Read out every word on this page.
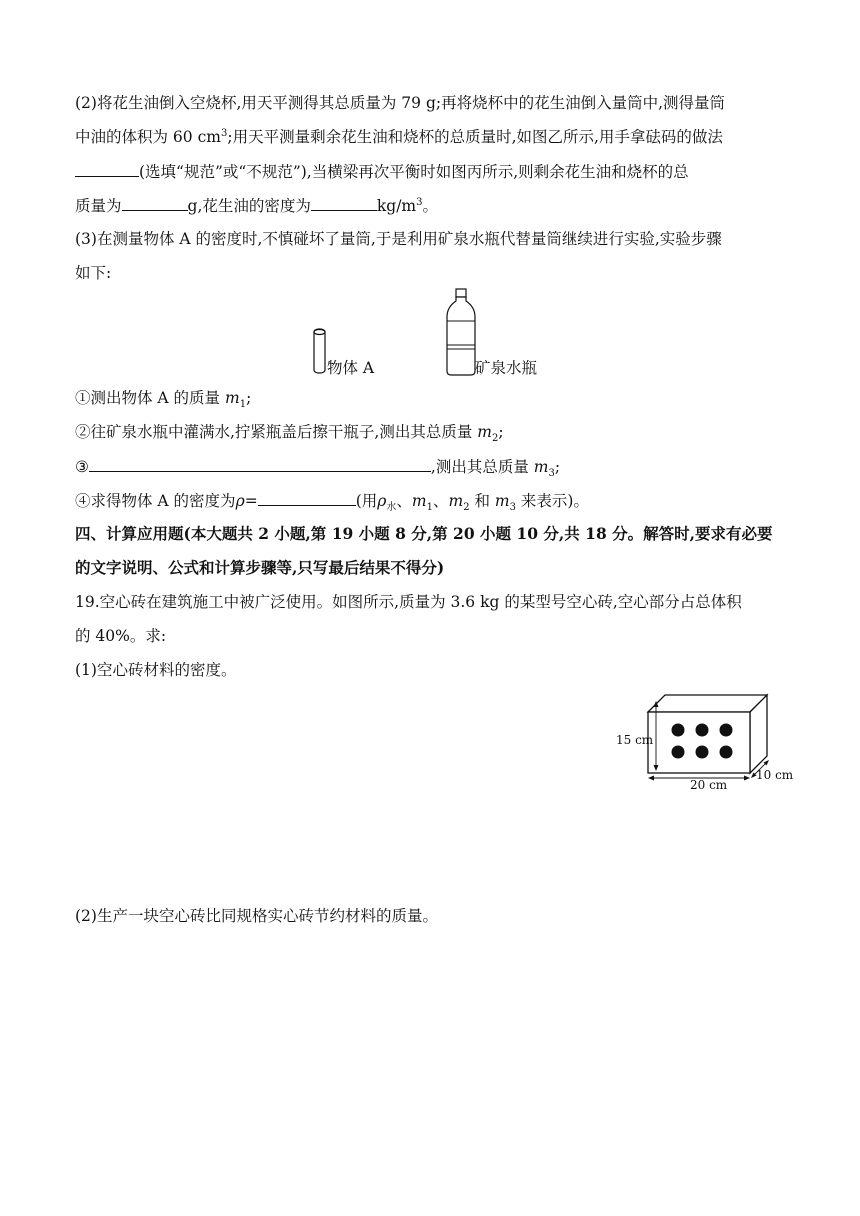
(2)将花生油倒入空烧杯,用天平测得其总质量为 79 g;再将烧杯中的花生油倒入量筒中,测得量筒

中油的体积为 60 $cm^3$;用天平测量剩余花生油和烧杯的总质量时,如图乙所示,用手拿砝码的做法

(选填“规范”或“不规范”),当横梁再次平衡时如图丙所示,则剩余花生油和烧杯的总

质量为	g,花生油的密度为	$kg/m^3$。

(3)在测量物体 A 的密度时,不慎碰坏了量筒,于是利用矿泉水瓶代替量筒继续进行实验,实验步骤

如下:

物体 A	矿泉水瓶

①测出物体 A 的质量 $m_1$;

②往矿泉水瓶中灌满水,拧紧瓶盖后擦干瓶子,测出其总质量 $m_2$;

③	,测出其总质量 $m_3$;

④求得物体 A 的密度为ρ=	(用$\rho_水$、$m_1$、$m_2$ 和 $m_3$ 来表示)。

四、计算应用题(本大题共 2 小题,第 19 小题 8 分,第 20 小题 10 分,共 18 分。解答时,要求有必要

的文字说明、公式和计算步骤等,只写最后结果不得分)

19.空心砖在建筑施工中被广泛使用。如图所示,质量为 3.6 kg 的某型号空心砖,空心部分占总体积

的 40%。求:

(1)空心砖材料的密度。

15 cm
20 cm
10 cm

(2)生产一块空心砖比同规格实心砖节约材料的质量。
